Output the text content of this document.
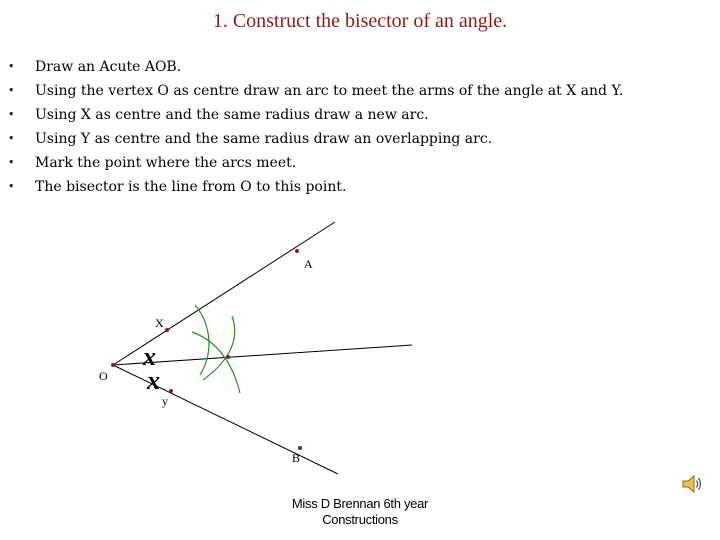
1. Construct the bisector of an angle.
• Draw an Acute AOB.
• Using the vertex O as centre draw an arc to meet the arms of the angle at X and Y.
• Using X as centre and the same radius draw a new arc.
• Using Y as centre and the same radius draw an overlapping arc.
• Mark the point where the arcs meet.
• The bisector is the line from O to this point.
A
B
O
X
y
x
x
Miss D Brennan 6th year
Constructions
